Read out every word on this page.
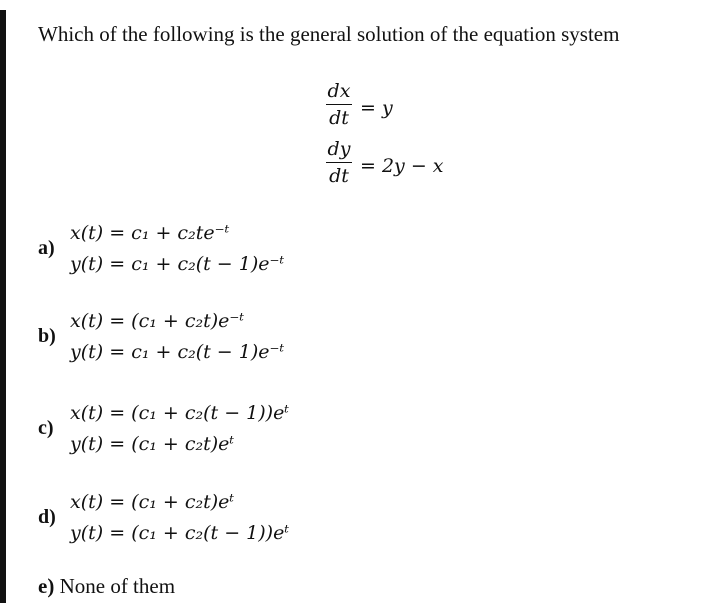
Which of the following is the general solution of the equation system
dx
dt = y
dy
dt = 2y − x
a)
x(t) = c₁ + c₂te⁻ᵗ
y(t) = c₁ + c₂(t − 1)e⁻ᵗ
b)
x(t) = (c₁ + c₂t)e⁻ᵗ
y(t) = c₁ + c₂(t − 1)e⁻ᵗ
c)
x(t) = (c₁ + c₂(t − 1))eᵗ
y(t) = (c₁ + c₂t)eᵗ
d)
x(t) = (c₁ + c₂t)eᵗ
y(t) = (c₁ + c₂(t − 1))eᵗ
e) None of them
